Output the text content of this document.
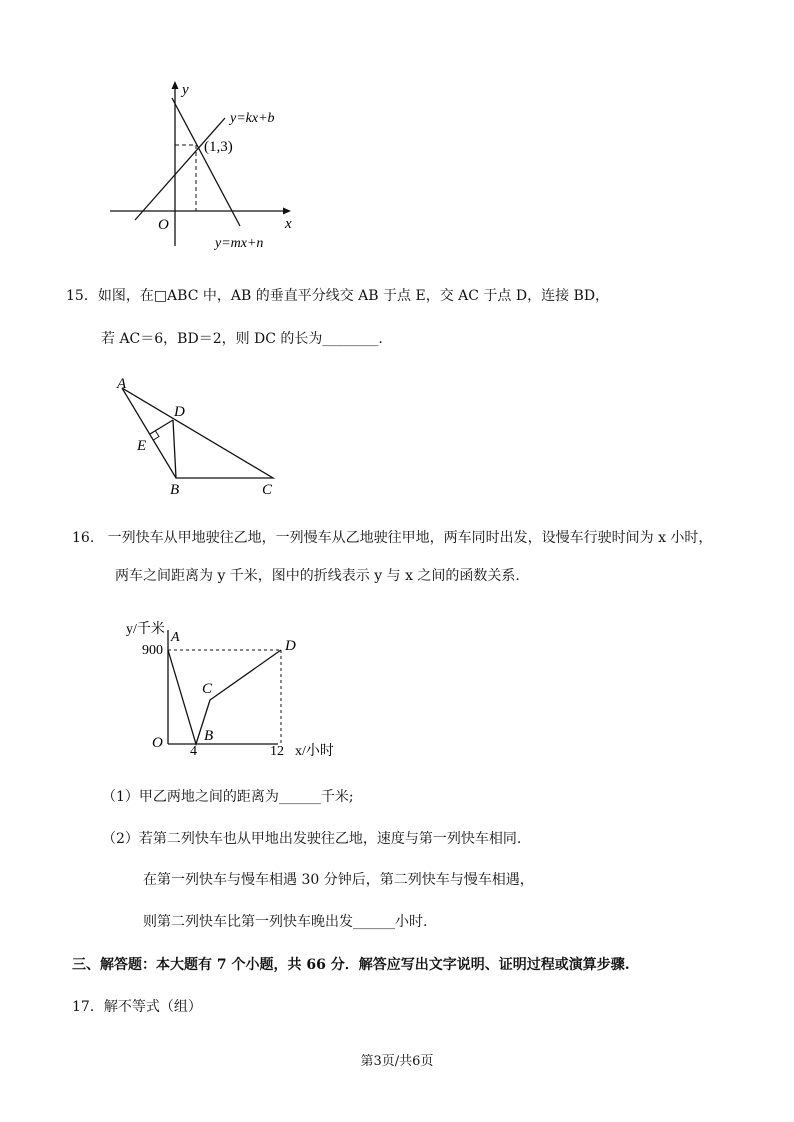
y
x
O
y=kx+b
y=mx+n
(1,3)
15．如图，在□ABC 中，AB 的垂直平分线交 AB 于点 E，交 AC 于点 D，连接 BD，
若 AC＝6，BD＝2，则 DC 的长为________.
A
D
E
B	C
16. 一列快车从甲地驶往乙地，一列慢车从乙地驶往甲地，两车同时出发，设慢车行驶时间为 x 小时，
两车之间距离为 y 千米，图中的折线表示 y 与 x 之间的函数关系.
y/千米
A
900	D
C
B
O
4	12 x/小时
（1）甲乙两地之间的距离为______千米;
（2）若第二列快车也从甲地出发驶往乙地，速度与第一列快车相同.
在第一列快车与慢车相遇 30 分钟后，第二列快车与慢车相遇，
则第二列快车比第一列快车晚出发______小时.
三、解答题：本大题有 7 个小题，共 66 分．解答应写出文字说明、证明过程或演算步骤.
17．解不等式（组）
第3页/共6页
